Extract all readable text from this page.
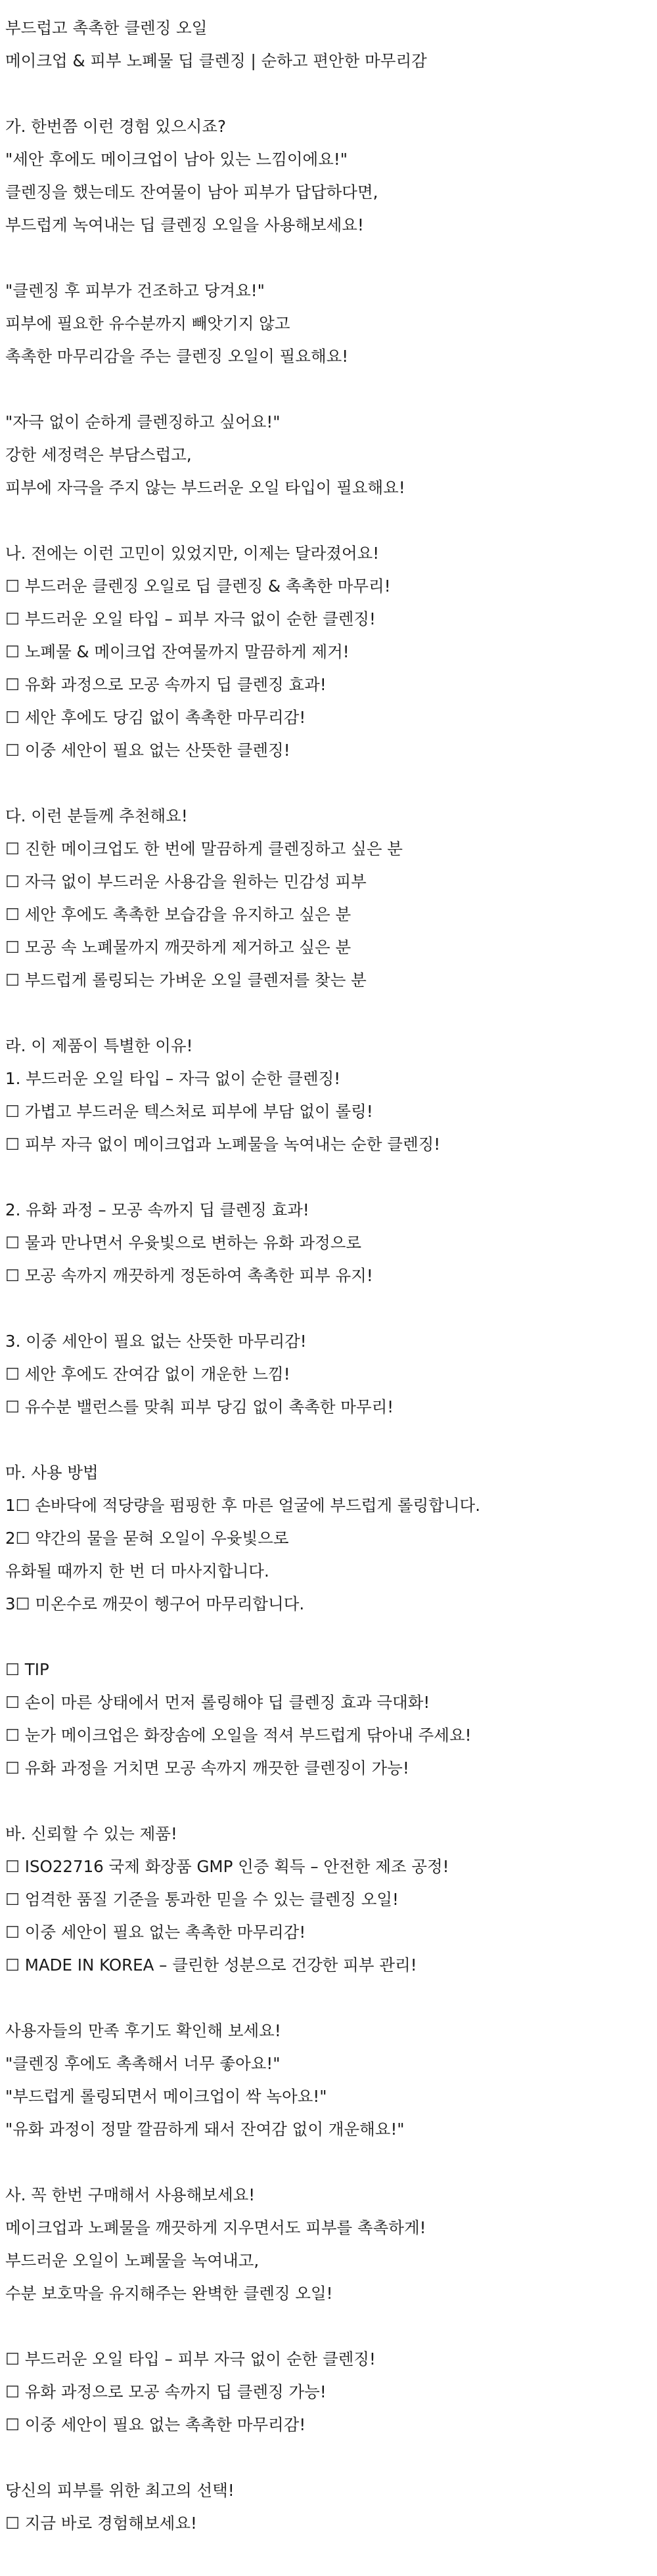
부드럽고 촉촉한 클렌징 오일
메이크업 & 피부 노폐물 딥 클렌징 | 순하고 편안한 마무리감
가. 한번쯤 이런 경험 있으시죠?
"세안 후에도 메이크업이 남아 있는 느낌이에요!"
클렌징을 했는데도 잔여물이 남아 피부가 답답하다면,
부드럽게 녹여내는 딥 클렌징 오일을 사용해보세요!
"클렌징 후 피부가 건조하고 당겨요!"
피부에 필요한 유수분까지 빼앗기지 않고
촉촉한 마무리감을 주는 클렌징 오일이 필요해요!
"자극 없이 순하게 클렌징하고 싶어요!"
강한 세정력은 부담스럽고,
피부에 자극을 주지 않는 부드러운 오일 타입이 필요해요!
나. 전에는 이런 고민이 있었지만, 이제는 달라졌어요!
☐ 부드러운 클렌징 오일로 딥 클렌징 & 촉촉한 마무리!
☐ 부드러운 오일 타입 – 피부 자극 없이 순한 클렌징!
☐ 노폐물 & 메이크업 잔여물까지 말끔하게 제거!
☐ 유화 과정으로 모공 속까지 딥 클렌징 효과!
☐ 세안 후에도 당김 없이 촉촉한 마무리감!
☐ 이중 세안이 필요 없는 산뜻한 클렌징!
다. 이런 분들께 추천해요!
☐ 진한 메이크업도 한 번에 말끔하게 클렌징하고 싶은 분
☐ 자극 없이 부드러운 사용감을 원하는 민감성 피부
☐ 세안 후에도 촉촉한 보습감을 유지하고 싶은 분
☐ 모공 속 노폐물까지 깨끗하게 제거하고 싶은 분
☐ 부드럽게 롤링되는 가벼운 오일 클렌저를 찾는 분
라. 이 제품이 특별한 이유!
1. 부드러운 오일 타입 – 자극 없이 순한 클렌징!
☐ 가볍고 부드러운 텍스처로 피부에 부담 없이 롤링!
☐ 피부 자극 없이 메이크업과 노폐물을 녹여내는 순한 클렌징!
2. 유화 과정 – 모공 속까지 딥 클렌징 효과!
☐ 물과 만나면서 우윳빛으로 변하는 유화 과정으로
☐ 모공 속까지 깨끗하게 정돈하여 촉촉한 피부 유지!
3. 이중 세안이 필요 없는 산뜻한 마무리감!
☐ 세안 후에도 잔여감 없이 개운한 느낌!
☐ 유수분 밸런스를 맞춰 피부 당김 없이 촉촉한 마무리!
마. 사용 방법
1☐ 손바닥에 적당량을 펌핑한 후 마른 얼굴에 부드럽게 롤링합니다.
2☐ 약간의 물을 묻혀 오일이 우윳빛으로
유화될 때까지 한 번 더 마사지합니다.
3☐ 미온수로 깨끗이 헹구어 마무리합니다.
☐ TIP
☐ 손이 마른 상태에서 먼저 롤링해야 딥 클렌징 효과 극대화!
☐ 눈가 메이크업은 화장솜에 오일을 적셔 부드럽게 닦아내 주세요!
☐ 유화 과정을 거치면 모공 속까지 깨끗한 클렌징이 가능!
바. 신뢰할 수 있는 제품!
☐ ISO22716 국제 화장품 GMP 인증 획득 – 안전한 제조 공정!
☐ 엄격한 품질 기준을 통과한 믿을 수 있는 클렌징 오일!
☐ 이중 세안이 필요 없는 촉촉한 마무리감!
☐ MADE IN KOREA – 클린한 성분으로 건강한 피부 관리!
사용자들의 만족 후기도 확인해 보세요!
"클렌징 후에도 촉촉해서 너무 좋아요!"
"부드럽게 롤링되면서 메이크업이 싹 녹아요!"
"유화 과정이 정말 깔끔하게 돼서 잔여감 없이 개운해요!"
사. 꼭 한번 구매해서 사용해보세요!
메이크업과 노폐물을 깨끗하게 지우면서도 피부를 촉촉하게!
부드러운 오일이 노폐물을 녹여내고,
수분 보호막을 유지해주는 완벽한 클렌징 오일!
☐ 부드러운 오일 타입 – 피부 자극 없이 순한 클렌징!
☐ 유화 과정으로 모공 속까지 딥 클렌징 가능!
☐ 이중 세안이 필요 없는 촉촉한 마무리감!
당신의 피부를 위한 최고의 선택!
☐ 지금 바로 경험해보세요!
